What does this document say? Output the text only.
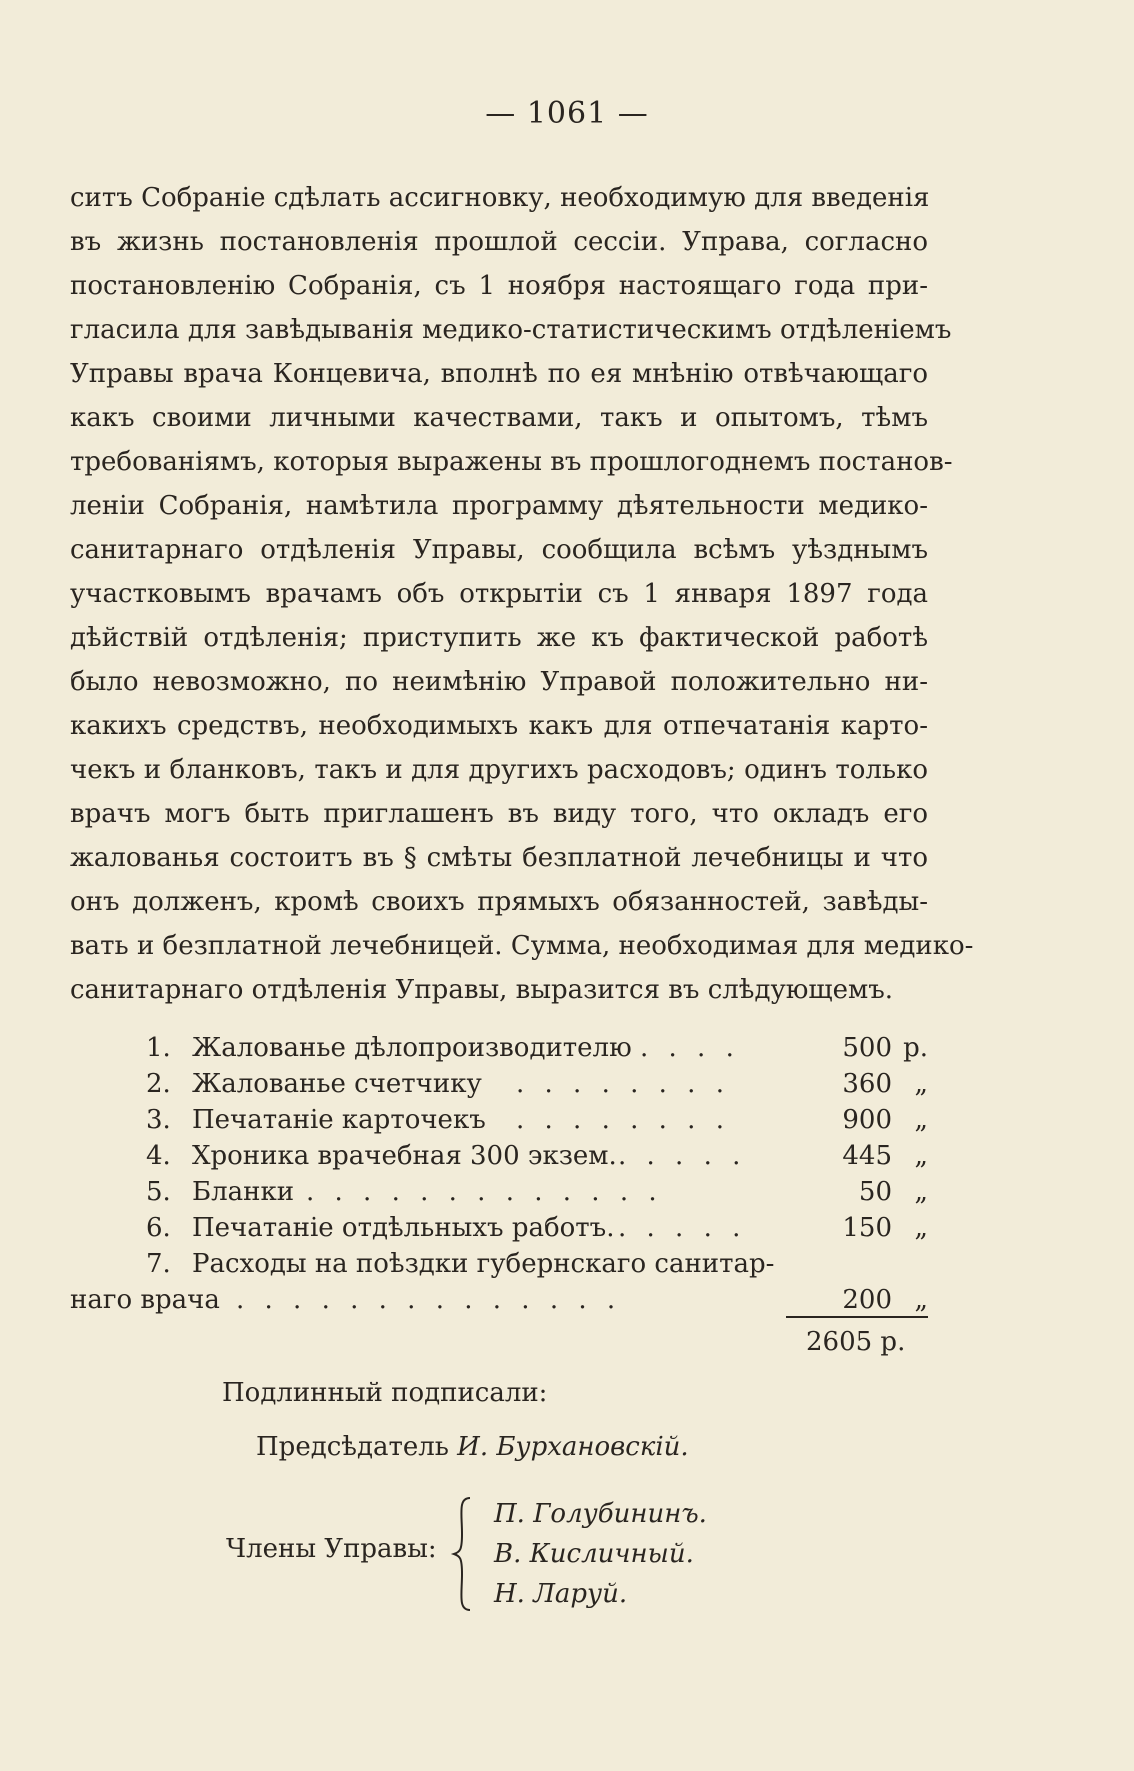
— 1061 —
ситъ Собраніе сдѣлать ассигновку, необходимую для введенія
въ жизнь постановленія прошлой сессіи. Управа, согласно
постановленію Собранія, съ 1 ноября настоящаго года при-
гласила для завѣдыванія медико-статистическимъ отдѣленіемъ
Управы врача Концевича, вполнѣ по ея мнѣнію отвѣчающаго
какъ своими личными качествами, такъ и опытомъ, тѣмъ
требованіямъ, которыя выражены въ прошлогоднемъ постанов-
леніи Собранія, намѣтила программу дѣятельности медико-
санитарнаго отдѣленія Управы, сообщила всѣмъ уѣзднымъ
участковымъ врачамъ объ открытіи съ 1 января 1897 года
дѣйствій отдѣленія; приступить же къ фактической работѣ
было невозможно, по неимѣнію Управой положительно ни-
какихъ средствъ, необходимыхъ какъ для отпечатанія карто-
чекъ и бланковъ, такъ и для другихъ расходовъ; одинъ только
врачъ могъ быть приглашенъ въ виду того, что окладъ его
жалованья состоитъ въ § смѣты безплатной лечебницы и что
онъ долженъ, кромѣ своихъ прямыхъ обязанностей, завѣды-
вать и безплатной лечебницей. Сумма, необходимая для медико-
санитарнаго отдѣленія Управы, выразится въ слѣдующемъ.
1. Жалованье дѣлопроизводителю . . . .	500 р.
2. Жалованье счетчику . . . . . . . .	360 „
3. Печатаніе карточекъ . . . . . . . .	900 „
4. Хроника врачебная 300 экзем. . . . . .	445 „
5. Бланки . . . . . . . . . . . . .	50 „
6. Печатаніе отдѣльныхъ работъ. . . . . .	150 „
7. Расходы на поѣздки губернскаго санитар-
наго врача . . . . . . . . . . . . . .	200 „
2605 р.
Подлинный подписали:
Предсѣдатель И. Бурхановскій.
Члены Управы:
П. Голубининъ.
В. Кисличный.
Н. Ларуй.
